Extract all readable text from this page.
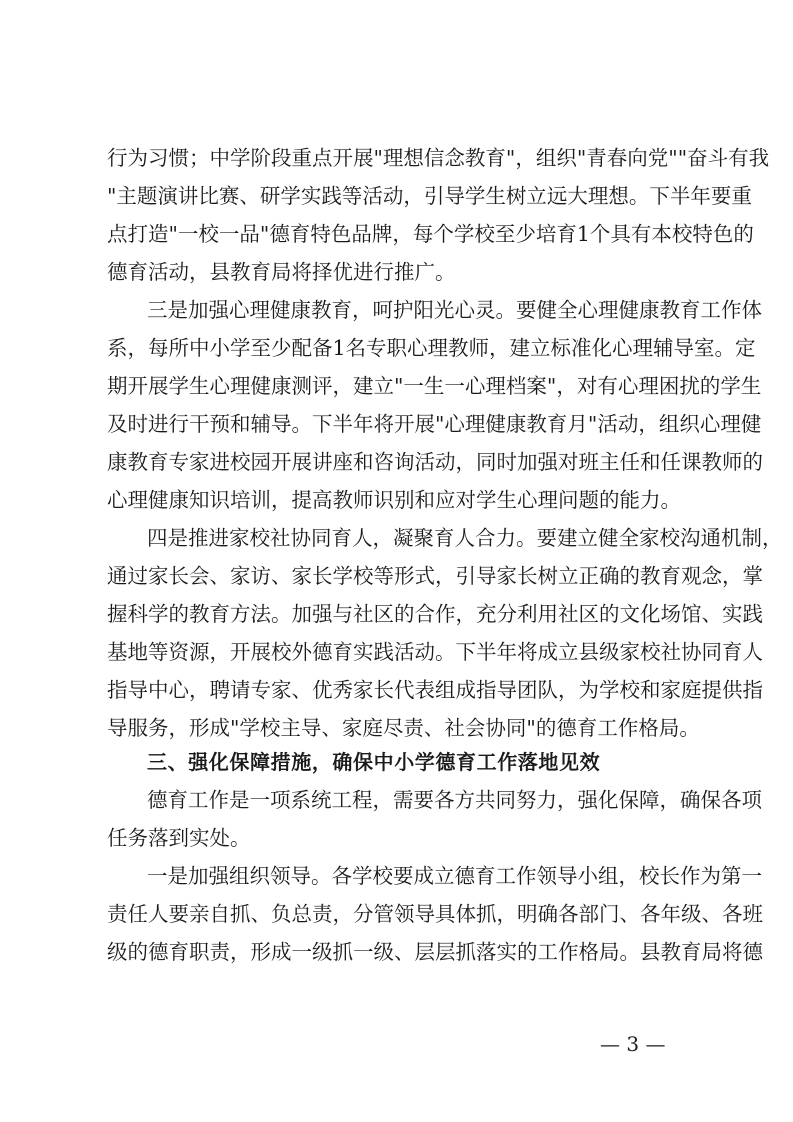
行为习惯；中学阶段重点开展"理想信念教育"，组织"青春向党""奋斗有我
"主题演讲比赛、研学实践等活动，引导学生树立远大理想。下半年要重
点打造"一校一品"德育特色品牌，每个学校至少培育1个具有本校特色的
德育活动，县教育局将择优进行推广。
三是加强心理健康教育，呵护阳光心灵。要健全心理健康教育工作体
系，每所中小学至少配备1名专职心理教师，建立标准化心理辅导室。定
期开展学生心理健康测评，建立"一生一心理档案"，对有心理困扰的学生
及时进行干预和辅导。下半年将开展"心理健康教育月"活动，组织心理健
康教育专家进校园开展讲座和咨询活动，同时加强对班主任和任课教师的
心理健康知识培训，提高教师识别和应对学生心理问题的能力。
四是推进家校社协同育人，凝聚育人合力。要建立健全家校沟通机制，
通过家长会、家访、家长学校等形式，引导家长树立正确的教育观念，掌
握科学的教育方法。加强与社区的合作，充分利用社区的文化场馆、实践
基地等资源，开展校外德育实践活动。下半年将成立县级家校社协同育人
指导中心，聘请专家、优秀家长代表组成指导团队，为学校和家庭提供指
导服务，形成"学校主导、家庭尽责、社会协同"的德育工作格局。
三、强化保障措施，确保中小学德育工作落地见效
德育工作是一项系统工程，需要各方共同努力，强化保障，确保各项
任务落到实处。
一是加强组织领导。各学校要成立德育工作领导小组，校长作为第一
责任人要亲自抓、负总责，分管领导具体抓，明确各部门、各年级、各班
级的德育职责，形成一级抓一级、层层抓落实的工作格局。县教育局将德
— 3 —
